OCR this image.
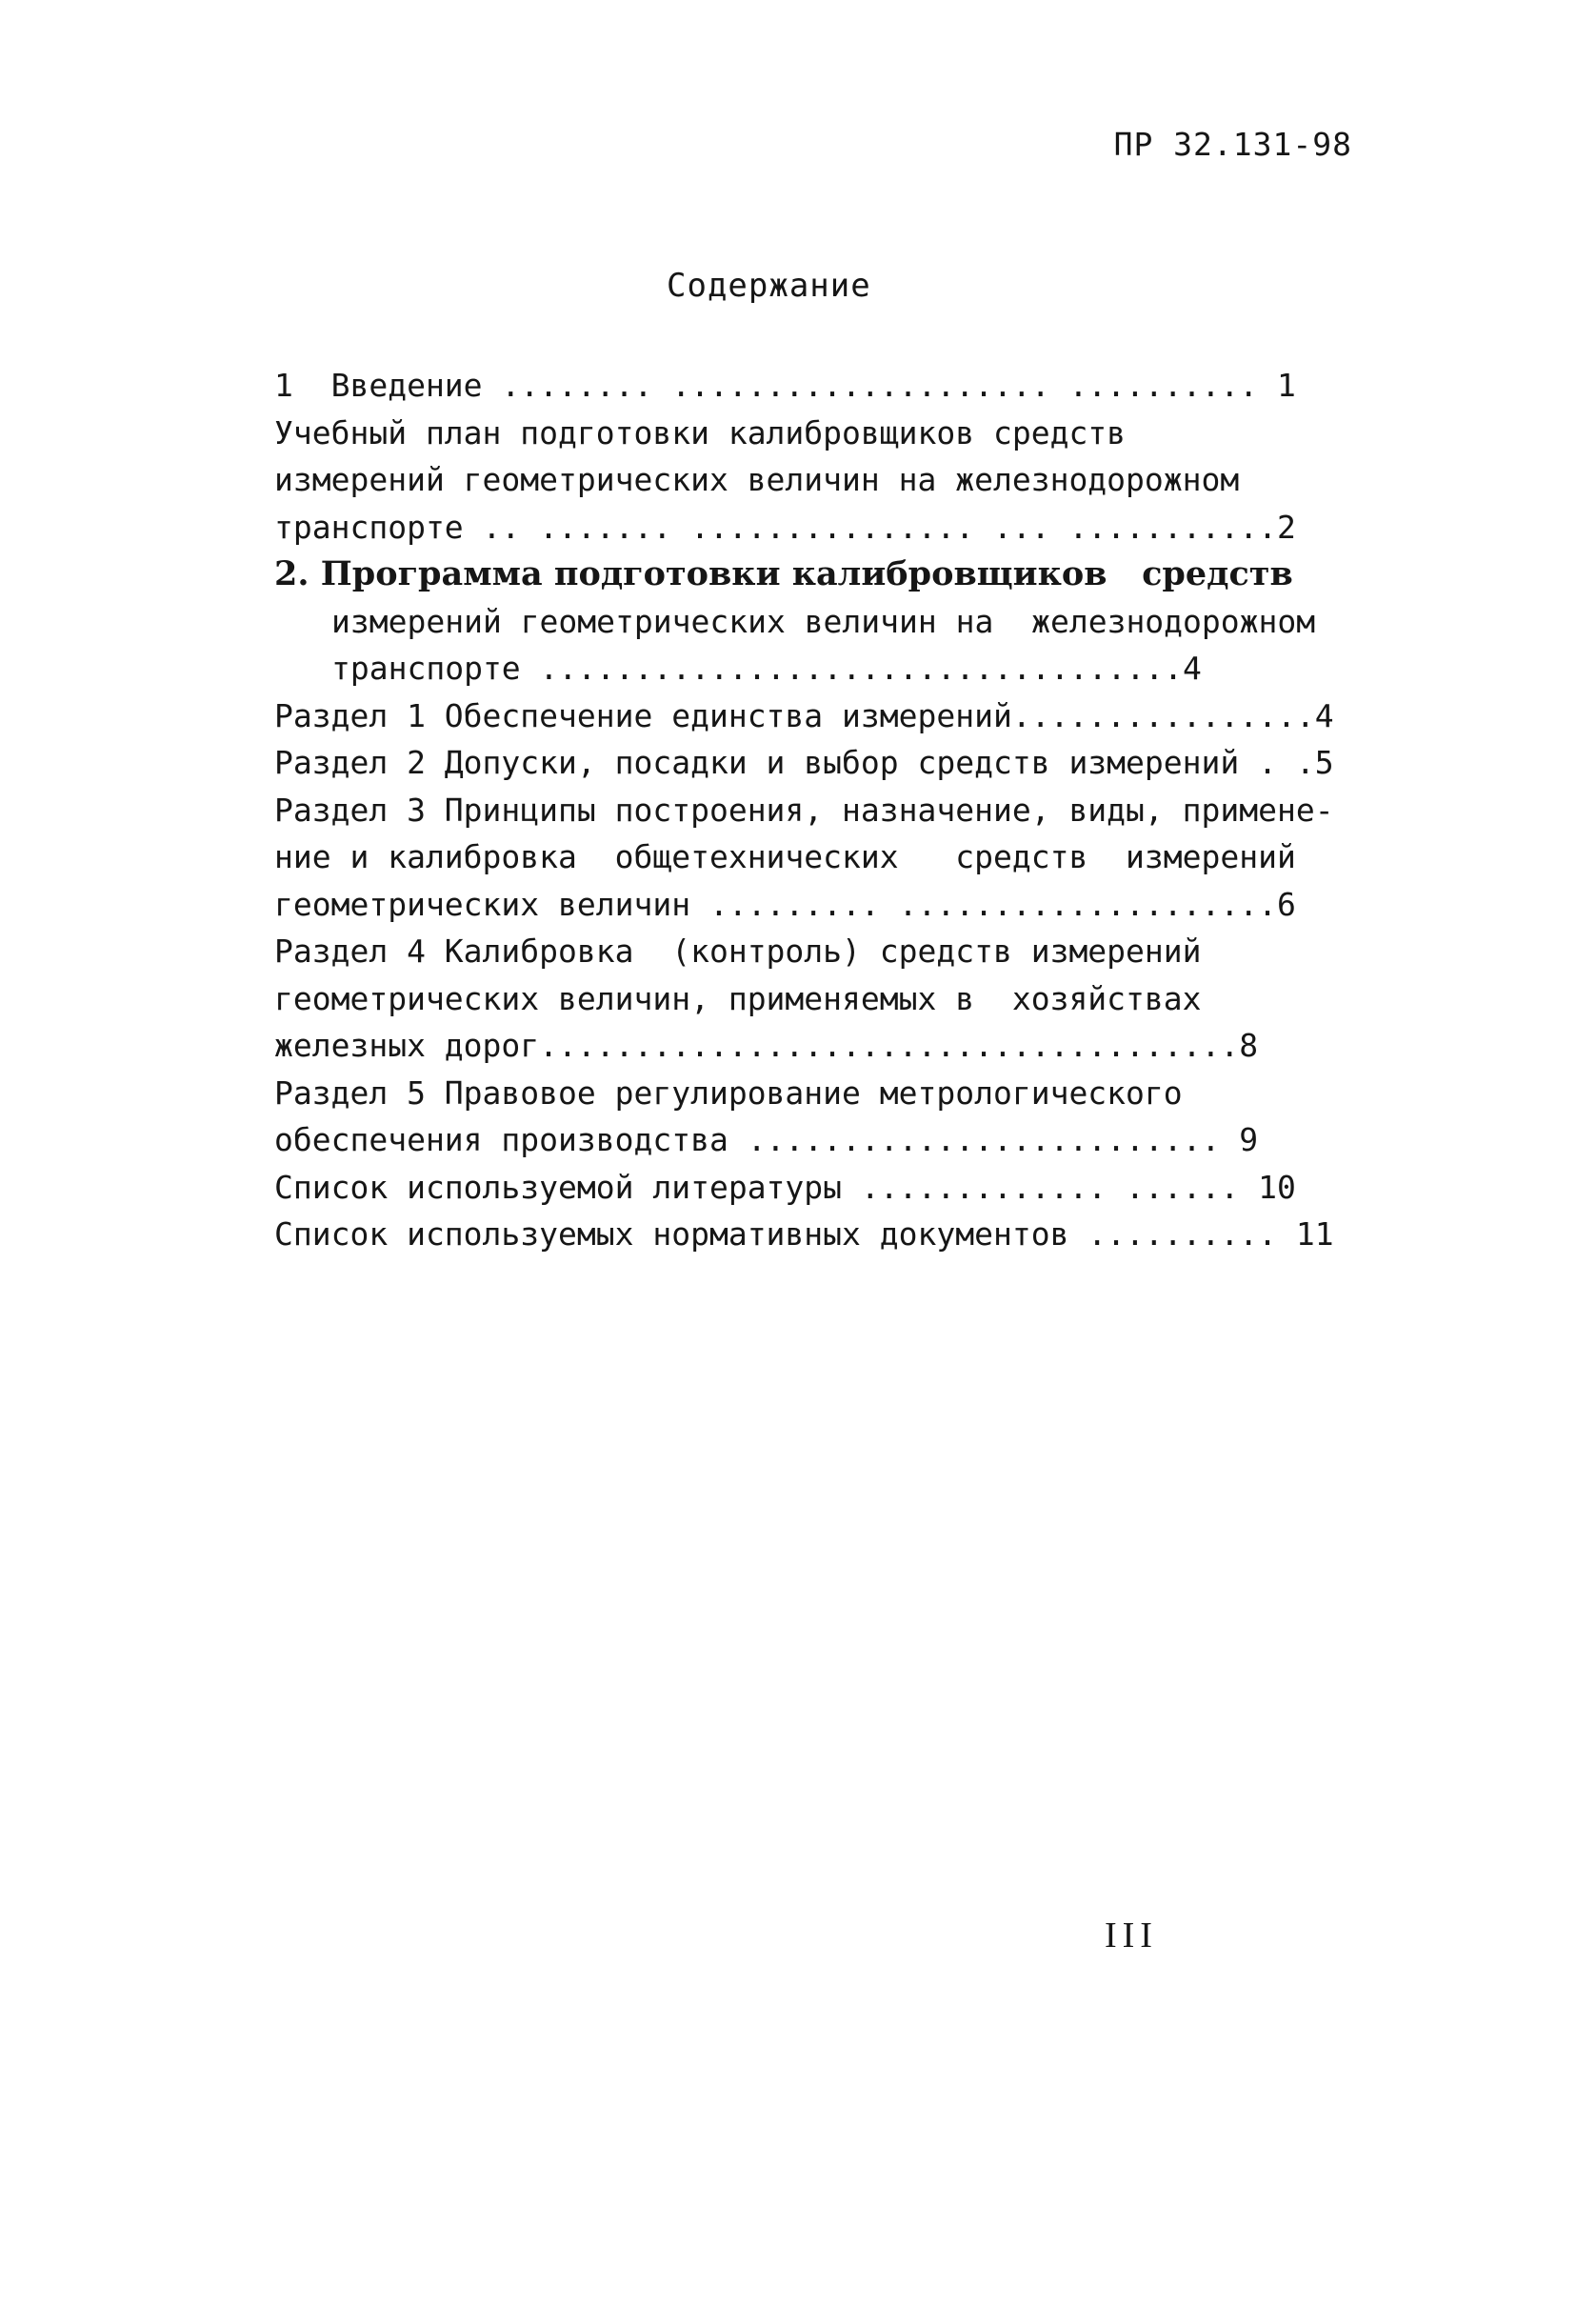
ПР 32.131-98
Содержание
1  Введение ........ .................... .......... 1
Учебный план подготовки калибровщиков средств
измерений геометрических величин на железнодорожном
транспорте .. ....... ............... ... ...........2
2. Программа подготовки калибровщиков   средств
измерений геометрических величин на  железнодорожном
транспорте ..................................4
Раздел 1 Обеспечение единства измерений................4
Раздел 2 Допуски, посадки и выбор средств измерений . .5
Раздел 3 Принципы построения, назначение, виды, примене-
ние и калибровка  общетехнических   средств  измерений
геометрических величин ......... ....................6
Раздел 4 Калибровка  (контроль) средств измерений
геометрических величин, применяемых в  хозяйствах
железных дорог.....................................8
Раздел 5 Правовое регулирование метрологического
обеспечения производства ......................... 9
Список используемой литературы ............. ...... 10
Список используемых нормативных документов .......... 11
III
